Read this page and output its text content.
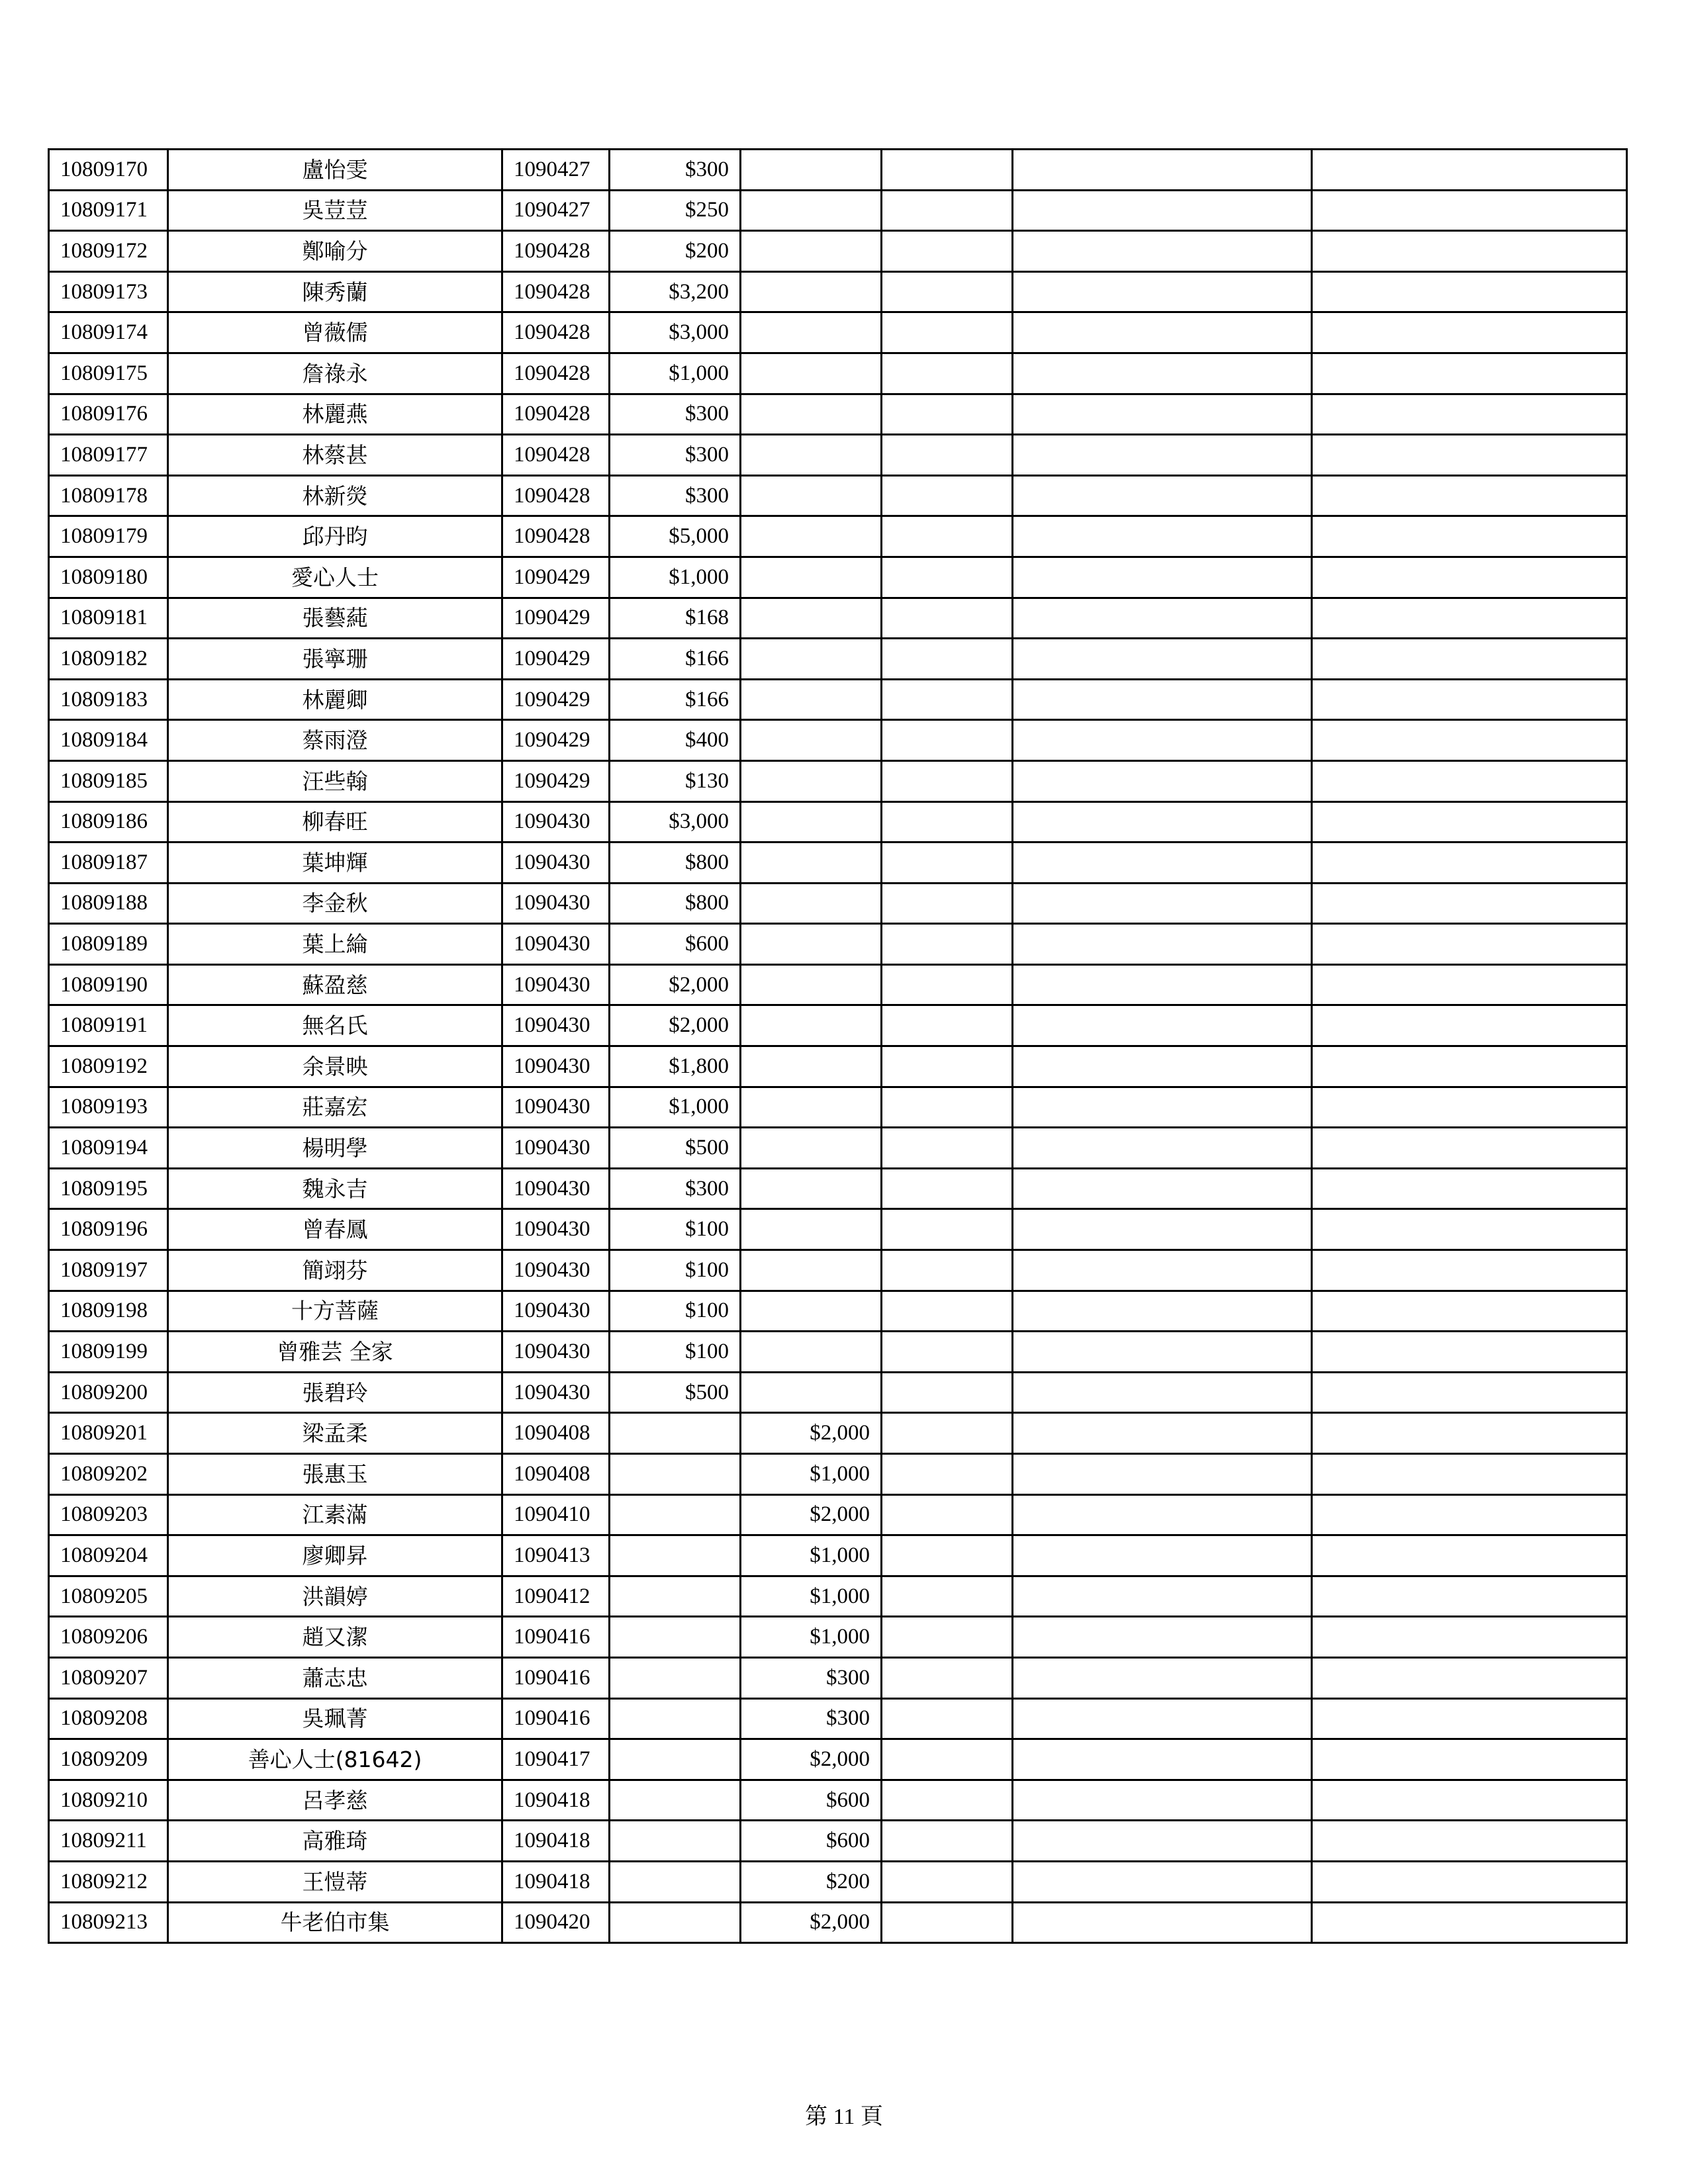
10809170	盧怡雯	1090427	$300				
10809171	吳荳荳	1090427	$250				
10809172	鄭喻分	1090428	$200				
10809173	陳秀蘭	1090428	$3,200				
10809174	曾薇儒	1090428	$3,000				
10809175	詹祿永	1090428	$1,000				
10809176	林麗燕	1090428	$300				
10809177	林蔡甚	1090428	$300				
10809178	林新熒	1090428	$300				
10809179	邱丹昀	1090428	$5,000				
10809180	愛心人士	1090429	$1,000				
10809181	張藝蒓	1090429	$168				
10809182	張寧珊	1090429	$166				
10809183	林麗卿	1090429	$166				
10809184	蔡雨澄	1090429	$400				
10809185	汪些翰	1090429	$130				
10809186	柳春旺	1090430	$3,000				
10809187	葉坤輝	1090430	$800				
10809188	李金秋	1090430	$800				
10809189	葉上綸	1090430	$600				
10809190	蘇盈慈	1090430	$2,000				
10809191	無名氏	1090430	$2,000				
10809192	余景映	1090430	$1,800				
10809193	莊嘉宏	1090430	$1,000				
10809194	楊明學	1090430	$500				
10809195	魏永吉	1090430	$300				
10809196	曾春鳳	1090430	$100				
10809197	簡翊芬	1090430	$100				
10809198	十方菩薩	1090430	$100				
10809199	曾雅芸 全家	1090430	$100				
10809200	張碧玲	1090430	$500				
10809201	梁孟柔	1090408		$2,000			
10809202	張惠玉	1090408		$1,000			
10809203	江素滿	1090410		$2,000			
10809204	廖卿昇	1090413		$1,000			
10809205	洪韻婷	1090412		$1,000			
10809206	趙又潔	1090416		$1,000			
10809207	蕭志忠	1090416		$300			
10809208	吳珮菁	1090416		$300			
10809209	善心人士(81642)	1090417		$2,000			
10809210	呂孝慈	1090418		$600			
10809211	高雅琦	1090418		$600			
10809212	王愷蒂	1090418		$200			
10809213	牛老伯市集	1090420		$2,000			
第 11 頁
